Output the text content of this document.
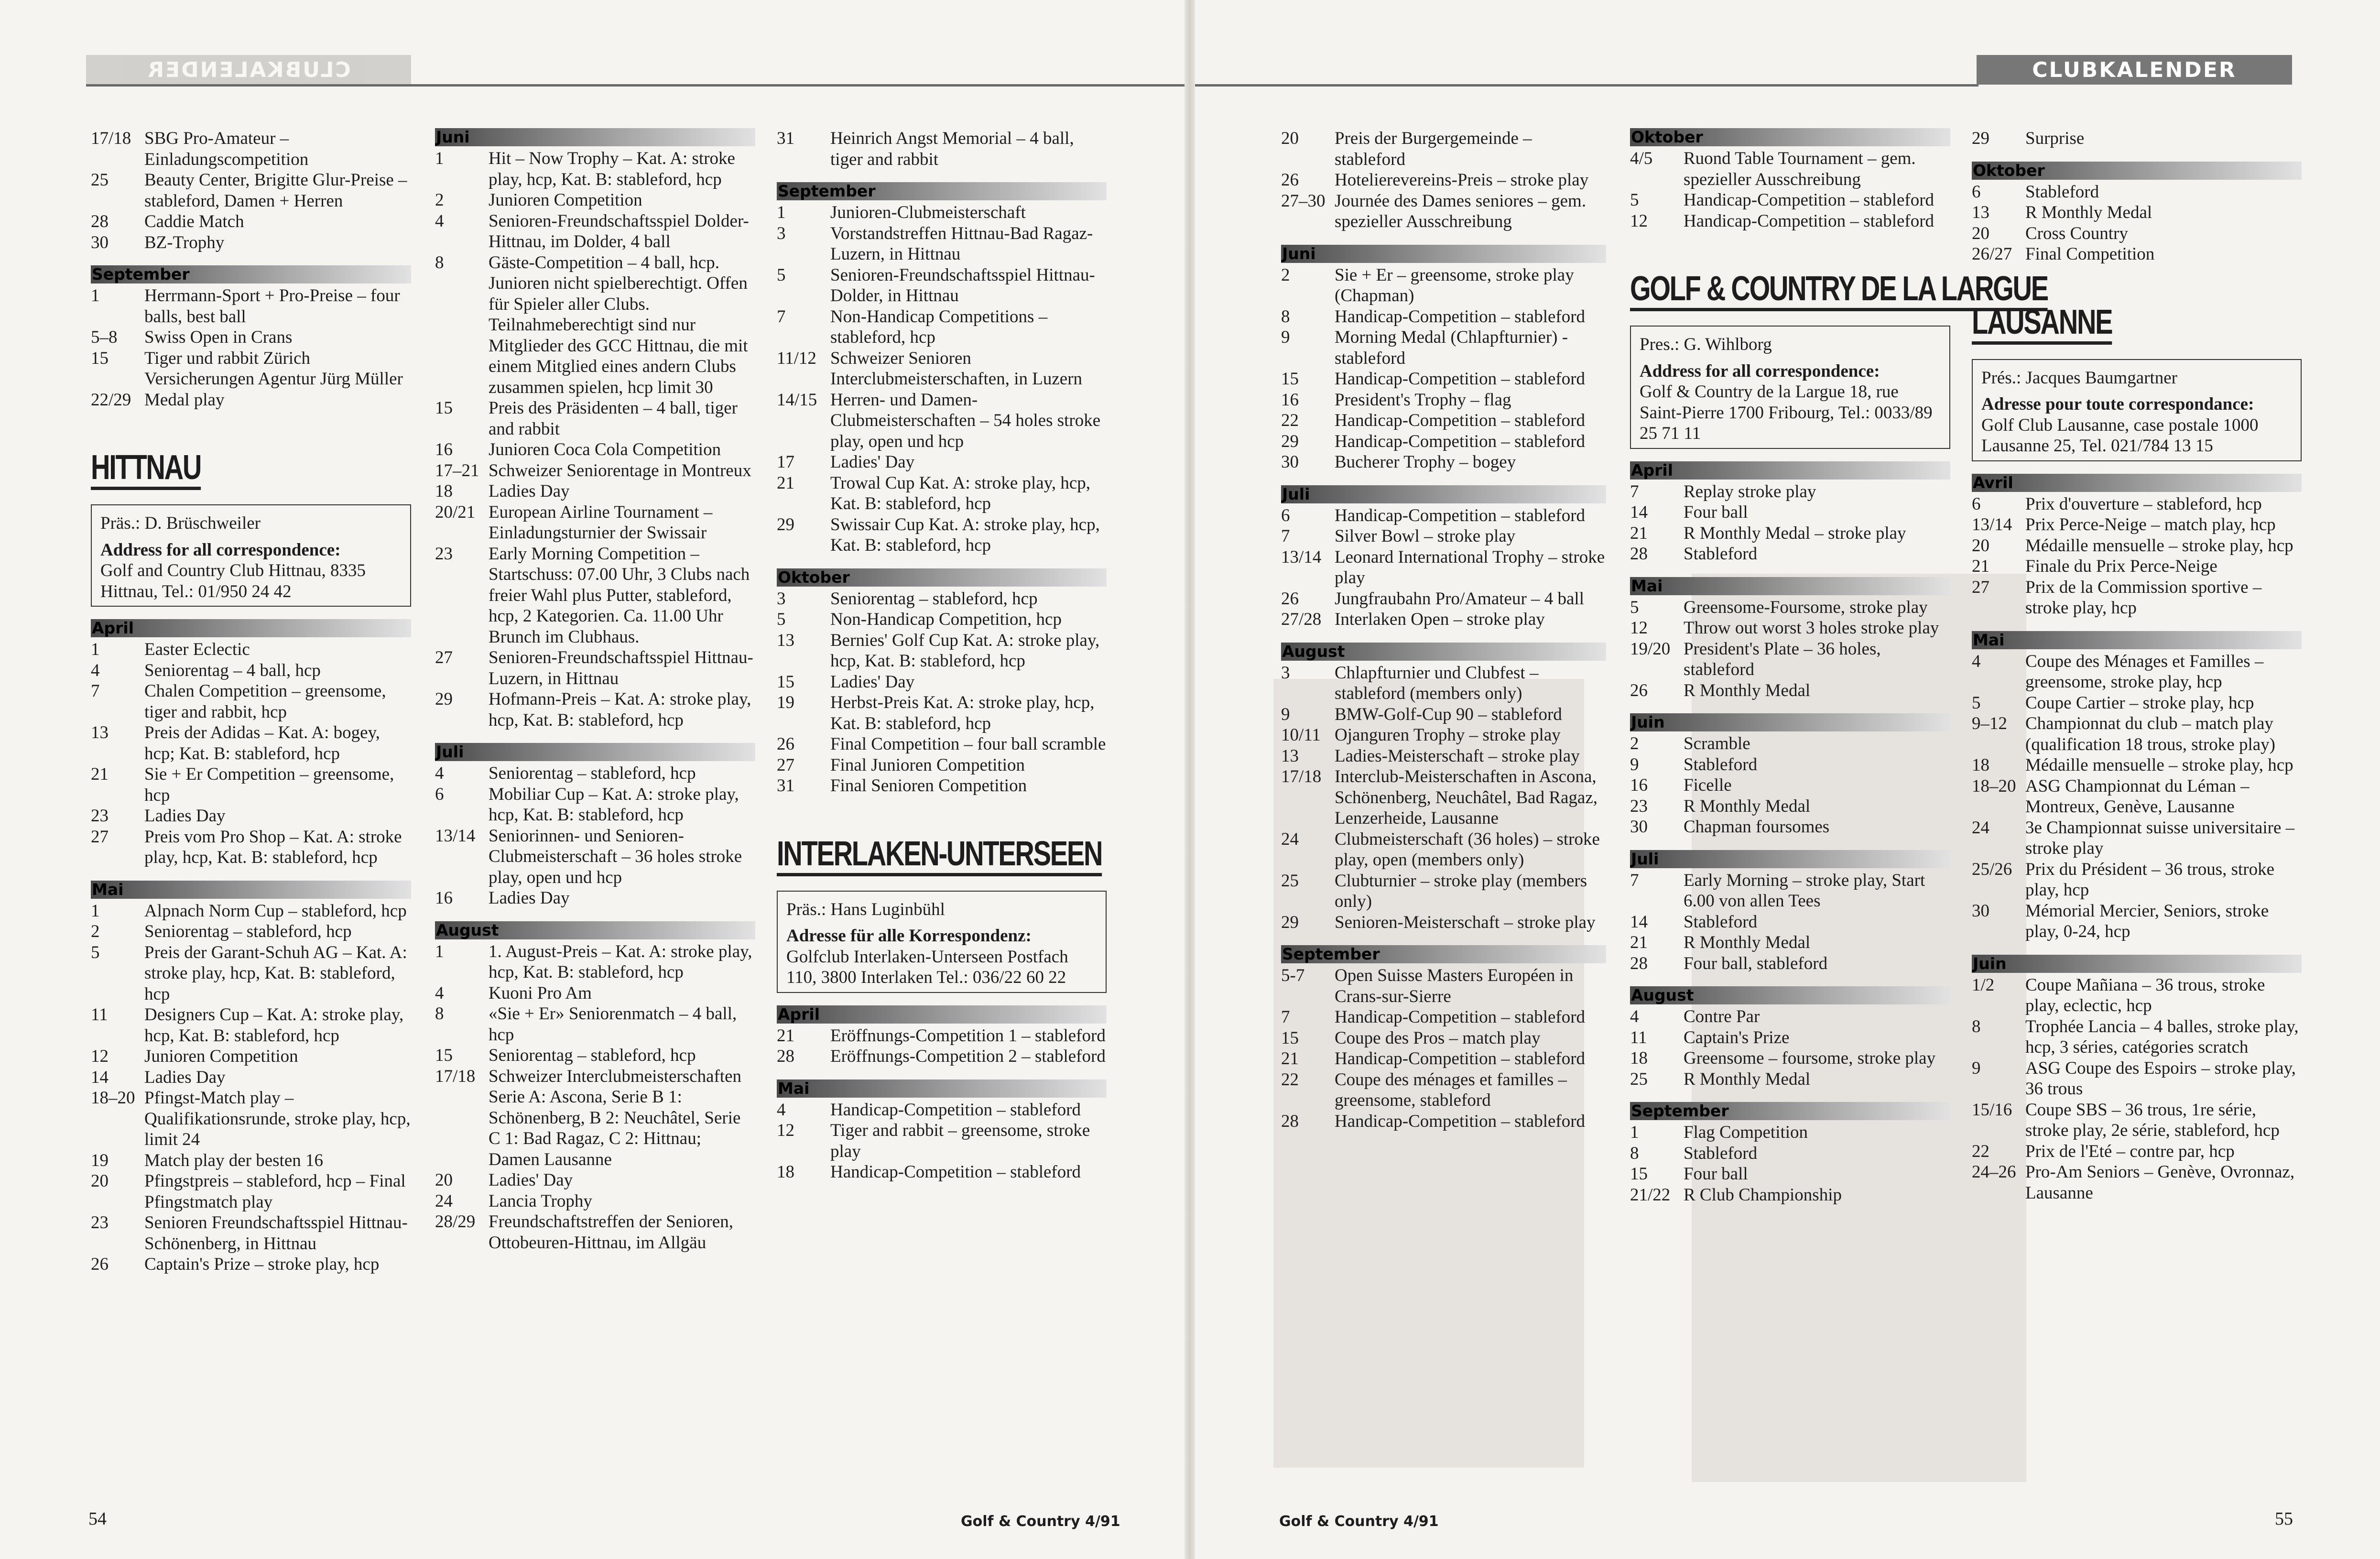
CLUBKALENDER
54	Golf & Country 4/91
CLUBKALENDER
Golf & Country 4/91	55
17/18 SBG Pro-Amateur – Einladungscompetition
25	Beauty Center, Brigitte Glur-Preise – stableford, Damen + Herren
28	Caddie Match
30	BZ-Trophy
September
1	Herrmann-Sport + Pro-Preise – four balls, best ball
5–8	Swiss Open in Crans
15	Tiger und rabbit Zürich Versicherungen Agentur Jürg Müller
22/29 Medal play
HITTNAU

Präs.: D. Brüschweiler

Address for all correspondence:

Golf and Country Club Hittnau, 8335 Hittnau, Tel.: 01/950 24 42

April
1	Easter Eclectic
4	Seniorentag – 4 ball, hcp
7	Chalen Competition – greensome, tiger and rabbit, hcp
13	Preis der Adidas – Kat. A: bogey, hcp; Kat. B: stableford, hcp
21	Sie + Er Competition – greensome, hcp
23	Ladies Day
27	Preis vom Pro Shop – Kat. A: stroke play, hcp, Kat. B: stableford, hcp
Mai
1	Alpnach Norm Cup – stableford, hcp
2	Seniorentag – stableford, hcp
5	Preis der Garant-Schuh AG – Kat. A: stroke play, hcp, Kat. B: stableford, hcp
11	Designers Cup – Kat. A: stroke play, hcp, Kat. B: stableford, hcp
12	Junioren Competition
14	Ladies Day
18–20 Pfingst-Match play – Qualifikationsrunde, stroke play, hcp, limit 24
19	Match play der besten 16
20	Pfingstpreis – stableford, hcp – Final Pfingstmatch play
23	Senioren Freundschaftsspiel Hittnau-Schönenberg, in Hittnau
26	Captain's Prize – stroke play, hcp
Juni
1	Hit – Now Trophy – Kat. A: stroke play, hcp, Kat. B: stableford, hcp
2	Junioren Competition
4	Senioren-Freundschaftsspiel Dolder-Hittnau, im Dolder, 4 ball
8	Gäste-Competition – 4 ball, hcp. Junioren nicht spielberechtigt. Offen für Spieler aller Clubs. Teilnahmeberechtigt sind nur Mitglieder des GCC Hittnau, die mit einem Mitglied eines andern Clubs zusammen spielen, hcp limit 30
15	Preis des Präsidenten – 4 ball, tiger and rabbit
16	Junioren Coca Cola Competition
17–21 Schweizer Seniorentage in Montreux
18	Ladies Day
20/21 European Airline Tournament – Einladungsturnier der Swissair
23	Early Morning Competition – Startschuss: 07.00 Uhr, 3 Clubs nach freier Wahl plus Putter, stableford, hcp, 2 Kategorien. Ca. 11.00 Uhr Brunch im Clubhaus.
27	Senioren-Freundschaftsspiel Hittnau-Luzern, in Hittnau
29	Hofmann-Preis – Kat. A: stroke play, hcp, Kat. B: stableford, hcp
Juli
4	Seniorentag – stableford, hcp
6	Mobiliar Cup – Kat. A: stroke play, hcp, Kat. B: stableford, hcp
13/14 Seniorinnen- und Senioren-Clubmeisterschaft – 36 holes stroke play, open und hcp
16	Ladies Day
August
1	1. August-Preis – Kat. A: stroke play, hcp, Kat. B: stableford, hcp
4	Kuoni Pro Am
8	«Sie + Er» Seniorenmatch – 4 ball, hcp
15	Seniorentag – stableford, hcp
17/18 Schweizer Interclubmeisterschaften Serie A: Ascona, Serie B 1: Schönenberg, B 2: Neuchâtel, Serie C 1: Bad Ragaz, C 2: Hittnau; Damen Lausanne
20	Ladies' Day
24	Lancia Trophy
28/29 Freundschaftstreffen der Senioren, Ottobeuren-Hittnau, im Allgäu
31	Heinrich Angst Memorial – 4 ball, tiger and rabbit
September
1	Junioren-Clubmeisterschaft
3	Vorstandstreffen Hittnau-Bad Ragaz-Luzern, in Hittnau
5	Senioren-Freundschaftsspiel Hittnau-Dolder, in Hittnau
7	Non-Handicap Competitions – stableford, hcp
11/12 Schweizer Senioren Interclubmeisterschaften, in Luzern
14/15 Herren- und Damen-Clubmeisterschaften – 54 holes stroke play, open und hcp
17	Ladies' Day
21	Trowal Cup Kat. A: stroke play, hcp, Kat. B: stableford, hcp
29	Swissair Cup Kat. A: stroke play, hcp, Kat. B: stableford, hcp
Oktober
3	Seniorentag – stableford, hcp
5	Non-Handicap Competition, hcp
13	Bernies' Golf Cup Kat. A: stroke play, hcp, Kat. B: stableford, hcp
15	Ladies' Day
19	Herbst-Preis Kat. A: stroke play, hcp, Kat. B: stableford, hcp
26	Final Competition – four ball scramble
27	Final Junioren Competition
31	Final Senioren Competition
INTERLAKEN-UNTERSEEN

Präs.: Hans Luginbühl

Adresse für alle Korrespondenz:

Golfclub Interlaken-Unterseen Postfach 110, 3800 Interlaken Tel.: 036/22 60 22

April
21	Eröffnungs-Competition 1 – stableford
28	Eröffnungs-Competition 2 – stableford
Mai
4	Handicap-Competition – stableford
12	Tiger and rabbit – greensome, stroke play
18	Handicap-Competition – stableford
20	Preis der Burgergemeinde – stableford
26	Hotelierevereins-Preis – stroke play
27–30 Journée des Dames seniores – gem. spezieller Ausschreibung
Juni
2	Sie + Er – greensome, stroke play (Chapman)
8	Handicap-Competition – stableford
9	Morning Medal (Chlapfturnier) - stableford
15	Handicap-Competition – stableford
16	President's Trophy – flag
22	Handicap-Competition – stableford
29	Handicap-Competition – stableford
30	Bucherer Trophy – bogey
Juli
6	Handicap-Competition – stableford
7	Silver Bowl – stroke play
13/14 Leonard International Trophy – stroke play
26	Jungfraubahn Pro/Amateur – 4 ball
27/28 Interlaken Open – stroke play
August
3	Chlapfturnier und Clubfest – stableford (members only)
9	BMW-Golf-Cup 90 – stableford
10/11 Ojanguren Trophy – stroke play
13	Ladies-Meisterschaft – stroke play
17/18 Interclub-Meisterschaften in Ascona, Schönenberg, Neuchâtel, Bad Ragaz, Lenzerheide, Lausanne
24	Clubmeisterschaft (36 holes) – stroke play, open (members only)
25	Clubturnier – stroke play (members only)
29	Senioren-Meisterschaft – stroke play
September
5-7	Open Suisse Masters Européen in Crans-sur-Sierre
7	Handicap-Competition – stableford
15	Coupe des Pros – match play
21	Handicap-Competition – stableford
22	Coupe des ménages et familles – greensome, stableford
28	Handicap-Competition – stableford
Oktober
4/5	Ruond Table Tournament – gem. spezieller Ausschreibung
5	Handicap-Competition – stableford
12	Handicap-Competition – stableford
GOLF & COUNTRY DE LA LARGUE

Pres.: G. Wihlborg

Address for all correspondence:

Golf & Country de la Largue 18, rue Saint-Pierre 1700 Fribourg, Tel.: 0033/89 25 71 11

April
7	Replay stroke play
14	Four ball
21	R Monthly Medal – stroke play
28	Stableford
Mai
5	Greensome-Foursome, stroke play
12	Throw out worst 3 holes stroke play
19/20 President's Plate – 36 holes, stableford
26	R Monthly Medal
Juin
2	Scramble
9	Stableford
16	Ficelle
23	R Monthly Medal
30	Chapman foursomes
Juli
7	Early Morning – stroke play, Start 6.00 von allen Tees
14	Stableford
21	R Monthly Medal
28	Four ball, stableford
August
4	Contre Par
11	Captain's Prize
18	Greensome – foursome, stroke play
25	R Monthly Medal
September
1	Flag Competition
8	Stableford
15	Four ball
21/22 R Club Championship
29	Surprise
Oktober
6	Stableford
13	R Monthly Medal
20	Cross Country
26/27 Final Competition
LAUSANNE

Prés.: Jacques Baumgartner

Adresse pour toute correspondance:

Golf Club Lausanne, case postale 1000 Lausanne 25, Tel. 021/784 13 15

Avril
6	Prix d'ouverture – stableford, hcp
13/14 Prix Perce-Neige – match play, hcp
20	Médaille mensuelle – stroke play, hcp
21	Finale du Prix Perce-Neige
27	Prix de la Commission sportive – stroke play, hcp
Mai
4	Coupe des Ménages et Familles – greensome, stroke play, hcp
5	Coupe Cartier – stroke play, hcp
9–12	Championnat du club – match play (qualification 18 trous, stroke play)
18	Médaille mensuelle – stroke play, hcp
18–20 ASG Championnat du Léman – Montreux, Genève, Lausanne
24	3e Championnat suisse universitaire – stroke play
25/26 Prix du Président – 36 trous, stroke play, hcp
30	Mémorial Mercier, Seniors, stroke play, 0-24, hcp
Juin
1/2	Coupe Mañiana – 36 trous, stroke play, eclectic, hcp
8	Trophée Lancia – 4 balles, stroke play, hcp, 3 séries, catégories scratch
9	ASG Coupe des Espoirs – stroke play, 36 trous
15/16 Coupe SBS – 36 trous, 1re série, stroke play, 2e série, stableford, hcp
22	Prix de l'Eté – contre par, hcp
24–26 Pro-Am Seniors – Genève, Ovronnaz, Lausanne
